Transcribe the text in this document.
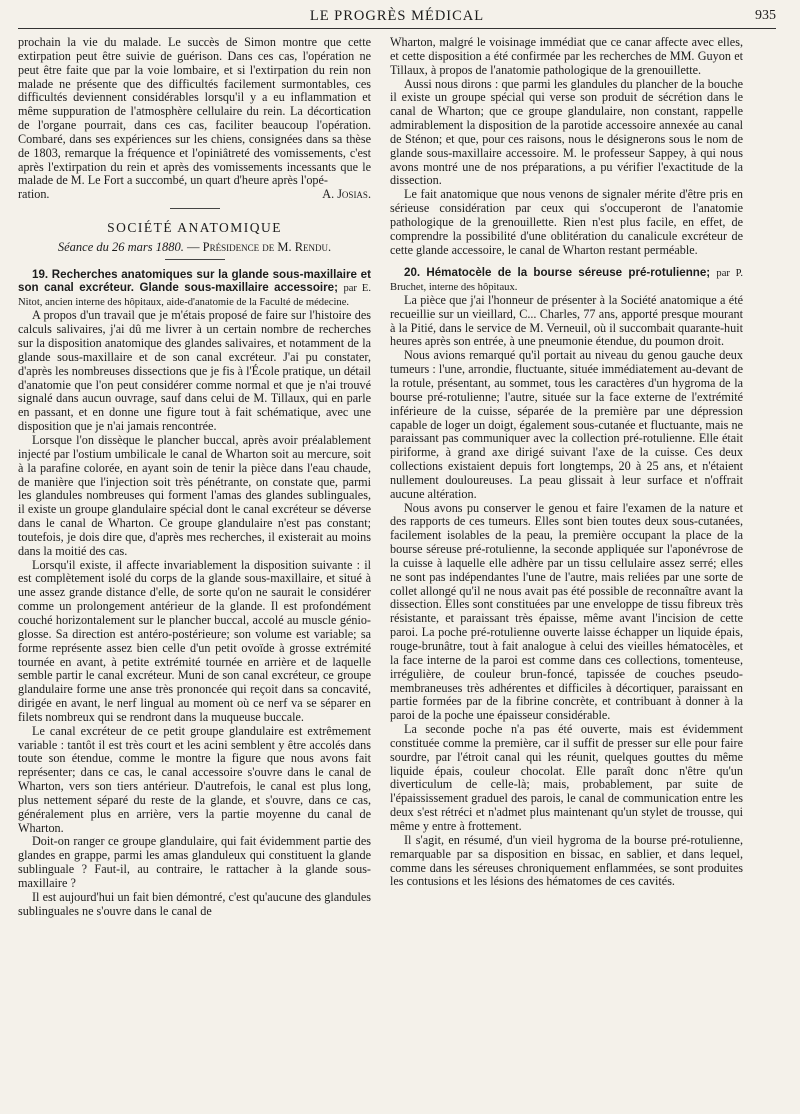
LE PROGRÈS MÉDICAL	935

prochain la vie du malade. Le succès de Simon montre que cette extirpation peut être suivie de guérison. Dans ces cas, l'opération ne peut être faite que par la voie lombaire, et si l'extirpation du rein non malade ne présente que des difficultés facilement surmontables, ces difficultés deviennent considérables lorsqu'il y a eu inflammation et même suppuration de l'atmosphère cellulaire du rein. La décortication de l'organe pourrait, dans ces cas, faciliter beaucoup l'opération. Combaré, dans ses expériences sur les chiens, consignées dans sa thèse de 1803, remarque la fréquence et l'opiniâtreté des vomissements, c'est après l'extirpation du rein et après des vomissements incessants que le malade de M. Le Fort a succombé, un quart d'heure après l'opé-

ration.	A. Josias.
SOCIÉTÉ ANATOMIQUE
Séance du 26 mars 1880. — Présidence de M. Rendu.

19. Recherches anatomiques sur la glande sous-maxillaire et son canal excréteur. Glande sous-maxillaire accessoire; par E. Nitot, ancien interne des hôpitaux, aide-d'anatomie de la Faculté de médecine.

A propos d'un travail que je m'étais proposé de faire sur l'histoire des calculs salivaires, j'ai dû me livrer à un certain nombre de recherches sur la disposition anatomique des glandes salivaires, et notamment de la glande sous-maxillaire et de son canal excréteur. J'ai pu constater, d'après les nombreuses dissections que je fis à l'École pratique, un détail d'anatomie que l'on peut considérer comme normal et que je n'ai trouvé signalé dans aucun ouvrage, sauf dans celui de M. Tillaux, qui en parle en passant, et en donne une figure tout à fait schématique, avec une disposition que je n'ai jamais rencontrée.

Lorsque l'on dissèque le plancher buccal, après avoir préalablement injecté par l'ostium umbilicale le canal de Wharton soit au mercure, soit à la parafine colorée, en ayant soin de tenir la pièce dans l'eau chaude, de manière que l'injection soit très pénétrante, on constate que, parmi les glandules nombreuses qui forment l'amas des glandes sublinguales, il existe un groupe glandulaire spécial dont le canal excréteur se déverse dans le canal de Wharton. Ce groupe glandulaire n'est pas constant; toutefois, je dois dire que, d'après mes recherches, il existerait au moins dans la moitié des cas.

Lorsqu'il existe, il affecte invariablement la disposition suivante : il est complètement isolé du corps de la glande sous-maxillaire, et situé à une assez grande distance d'elle, de sorte qu'on ne saurait le considérer comme un prolongement antérieur de la glande. Il est profondément couché horizontalement sur le plancher buccal, accolé au muscle génio-glosse. Sa direction est antéro-postérieure; son volume est variable; sa forme représente assez bien celle d'un petit ovoïde à grosse extrémité tournée en avant, à petite extrémité tournée en arrière et de laquelle semble partir le canal excréteur. Muni de son canal excréteur, ce groupe glandulaire forme une anse très prononcée qui reçoit dans sa concavité, dirigée en avant, le nerf lingual au moment où ce nerf va se séparer en filets nombreux qui se rendront dans la muqueuse buccale.

Le canal excréteur de ce petit groupe glandulaire est extrêmement variable : tantôt il est très court et les acini semblent y être accolés dans toute son étendue, comme le montre la figure que nous avons fait représenter; dans ce cas, le canal accessoire s'ouvre dans le canal de Wharton, vers son tiers antérieur. D'autrefois, le canal est plus long, plus nettement séparé du reste de la glande, et s'ouvre, dans ce cas, généralement plus en arrière, vers la partie moyenne du canal de Wharton.

Doit-on ranger ce groupe glandulaire, qui fait évidemment partie des glandes en grappe, parmi les amas glanduleux qui constituent la glande sublinguale ? Faut-il, au contraire, le rattacher à la glande sous-maxillaire ?

Il est aujourd'hui un fait bien démontré, c'est qu'aucune des glandules sublinguales ne s'ouvre dans le canal de

Wharton, malgré le voisinage immédiat que ce canar affecte avec elles, et cette disposition a été confirmée par les recherches de MM. Guyon et Tillaux, à propos de l'anatomie pathologique de la grenouillette.

Aussi nous dirons : que parmi les glandules du plancher de la bouche il existe un groupe spécial qui verse son produit de sécrétion dans le canal de Wharton; que ce groupe glandulaire, non constant, rappelle admirablement la disposition de la parotide accessoire annexée au canal de Sténon; et que, pour ces raisons, nous le désignerons sous le nom de glande sous-maxillaire accessoire. M. le professeur Sappey, à qui nous avons montré une de nos préparations, a pu vérifier l'exactitude de la dissection.

Le fait anatomique que nous venons de signaler mérite d'être pris en sérieuse considération par ceux qui s'occuperont de l'anatomie pathologique de la grenouillette. Rien n'est plus facile, en effet, de comprendre la possibilité d'une oblitération du canalicule excréteur de cette glande accessoire, le canal de Wharton restant perméable.

20. Hématocèle de la bourse séreuse pré-rotulienne; par P. Bruchet, interne des hôpitaux.

La pièce que j'ai l'honneur de présenter à la Société anatomique a été recueillie sur un vieillard, C... Charles, 77 ans, apporté presque mourant à la Pitié, dans le service de M. Verneuil, où il succombait quarante-huit heures après son entrée, à une pneumonie étendue, du poumon droit.

Nous avions remarqué qu'il portait au niveau du genou gauche deux tumeurs : l'une, arrondie, fluctuante, située immédiatement au-devant de la rotule, présentant, au sommet, tous les caractères d'un hygroma de la bourse pré-rotulienne; l'autre, située sur la face externe de l'extrémité inférieure de la cuisse, séparée de la première par une dépression capable de loger un doigt, également sous-cutanée et fluctuante, mais ne paraissant pas communiquer avec la collection pré-rotulienne. Elle était piriforme, à grand axe dirigé suivant l'axe de la cuisse. Ces deux collections existaient depuis fort longtemps, 20 à 25 ans, et n'étaient nullement douloureuses. La peau glissait à leur surface et n'offrait aucune altération.

Nous avons pu conserver le genou et faire l'examen de la nature et des rapports de ces tumeurs. Elles sont bien toutes deux sous-cutanées, facilement isolables de la peau, la première occupant la place de la bourse séreuse pré-rotulienne, la seconde appliquée sur l'aponévrose de la cuisse à laquelle elle adhère par un tissu cellulaire assez serré; elles ne sont pas indépendantes l'une de l'autre, mais reliées par une sorte de collet allongé qu'il ne nous avait pas été possible de reconnaître avant la dissection. Elles sont constituées par une enveloppe de tissu fibreux très résistante, et paraissant très épaisse, même avant l'incision de cette paroi. La poche pré-rotulienne ouverte laisse échapper un liquide épais, rouge-brunâtre, tout à fait analogue à celui des vieilles hématocèles, et la face interne de la paroi est comme dans ces collections, tomenteuse, irrégulière, de couleur brun-foncé, tapissée de couches pseudo-membraneuses très adhérentes et difficiles à décortiquer, paraissant en partie formées par de la fibrine concrète, et contribuant à donner à la paroi de la poche une épaisseur considérable.

La seconde poche n'a pas été ouverte, mais est évidemment constituée comme la première, car il suffit de presser sur elle pour faire sourdre, par l'étroit canal qui les réunit, quelques gouttes du même liquide épais, couleur chocolat. Elle paraît donc n'être qu'un diverticulum de celle-là; mais, probablement, par suite de l'épaississement graduel des parois, le canal de communication entre les deux s'est rétréci et n'admet plus maintenant qu'un stylet de trousse, qui même y entre à frottement.

Il s'agit, en résumé, d'un vieil hygroma de la bourse pré-rotulienne, remarquable par sa disposition en bissac, en sablier, et dans lequel, comme dans les séreuses chroniquement enflammées, se sont produites les contusions et les lésions des hématomes de ces cavités.
